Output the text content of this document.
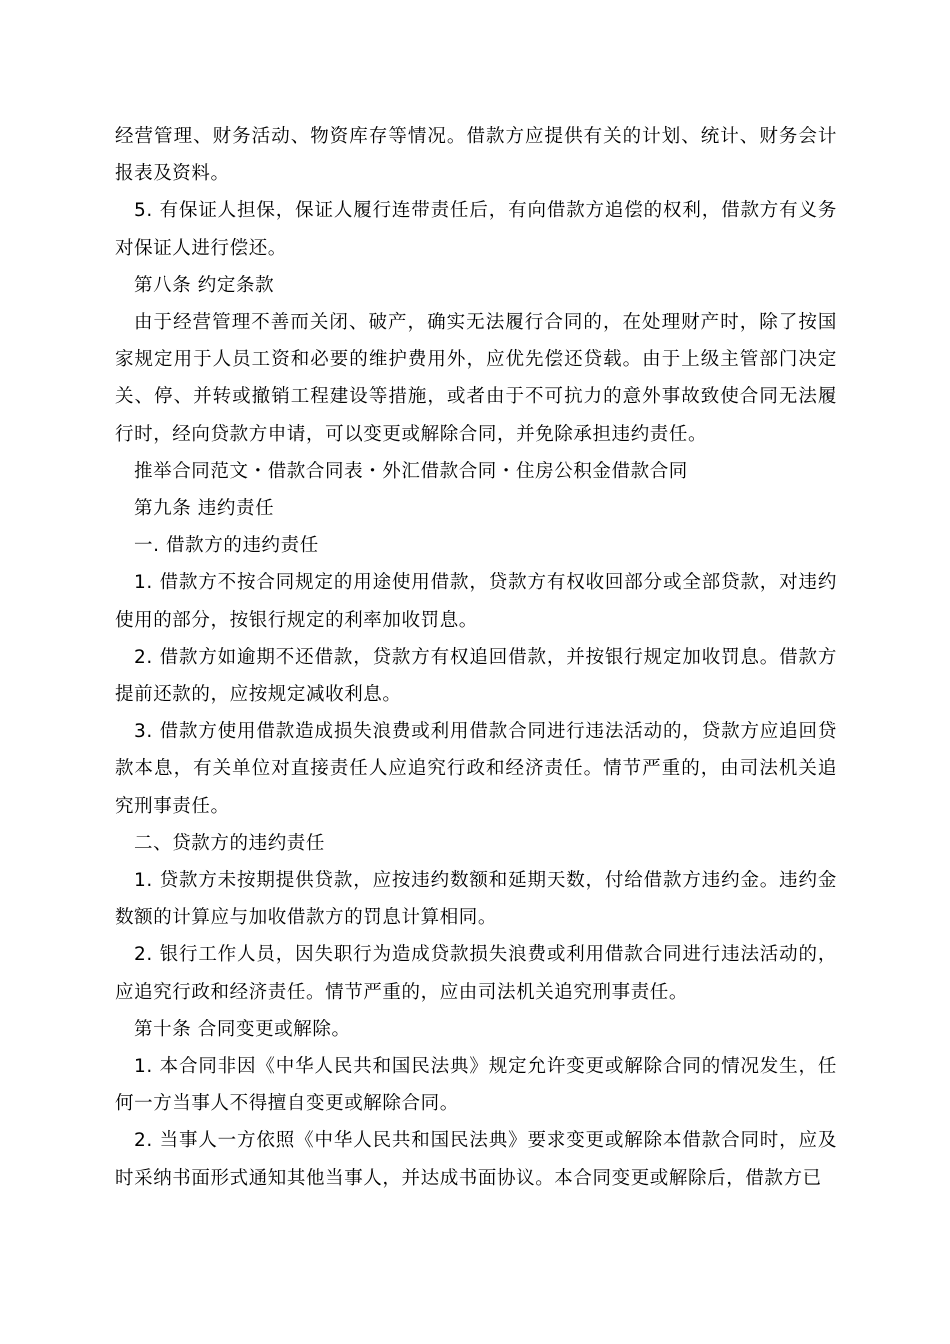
经营管理、财务活动、物资库存等情况。借款方应提供有关的计划、统计、财务会计报表及资料。

5. 有保证人担保，保证人履行连带责任后，有向借款方追偿的权利，借款方有义务对保证人进行偿还。

第八条 约定条款

由于经营管理不善而关闭、破产，确实无法履行合同的，在处理财产时，除了按国家规定用于人员工资和必要的维护费用外，应优先偿还贷载。由于上级主管部门决定关、停、并转或撤销工程建设等措施，或者由于不可抗力的意外事故致使合同无法履行时，经向贷款方申请，可以变更或解除合同，并免除承担违约责任。

推举合同范文・借款合同表・外汇借款合同・住房公积金借款合同

第九条 违约责任

一. 借款方的违约责任

1. 借款方不按合同规定的用途使用借款，贷款方有权收回部分或全部贷款，对违约使用的部分，按银行规定的利率加收罚息。

2. 借款方如逾期不还借款，贷款方有权追回借款，并按银行规定加收罚息。借款方提前还款的，应按规定减收利息。

3. 借款方使用借款造成损失浪费或利用借款合同进行违法活动的，贷款方应追回贷款本息，有关单位对直接责任人应追究行政和经济责任。情节严重的，由司法机关追究刑事责任。

二、贷款方的违约责任

1. 贷款方未按期提供贷款，应按违约数额和延期天数，付给借款方违约金。违约金数额的计算应与加收借款方的罚息计算相同。

2. 银行工作人员，因失职行为造成贷款损失浪费或利用借款合同进行违法活动的，应追究行政和经济责任。情节严重的，应由司法机关追究刑事责任。

第十条 合同变更或解除。

1. 本合同非因《中华人民共和国民法典》规定允许变更或解除合同的情况发生，任何一方当事人不得擅自变更或解除合同。

2. 当事人一方依照《中华人民共和国民法典》要求变更或解除本借款合同时，应及时采纳书面形式通知其他当事人，并达成书面协议。本合同变更或解除后，借款方已
